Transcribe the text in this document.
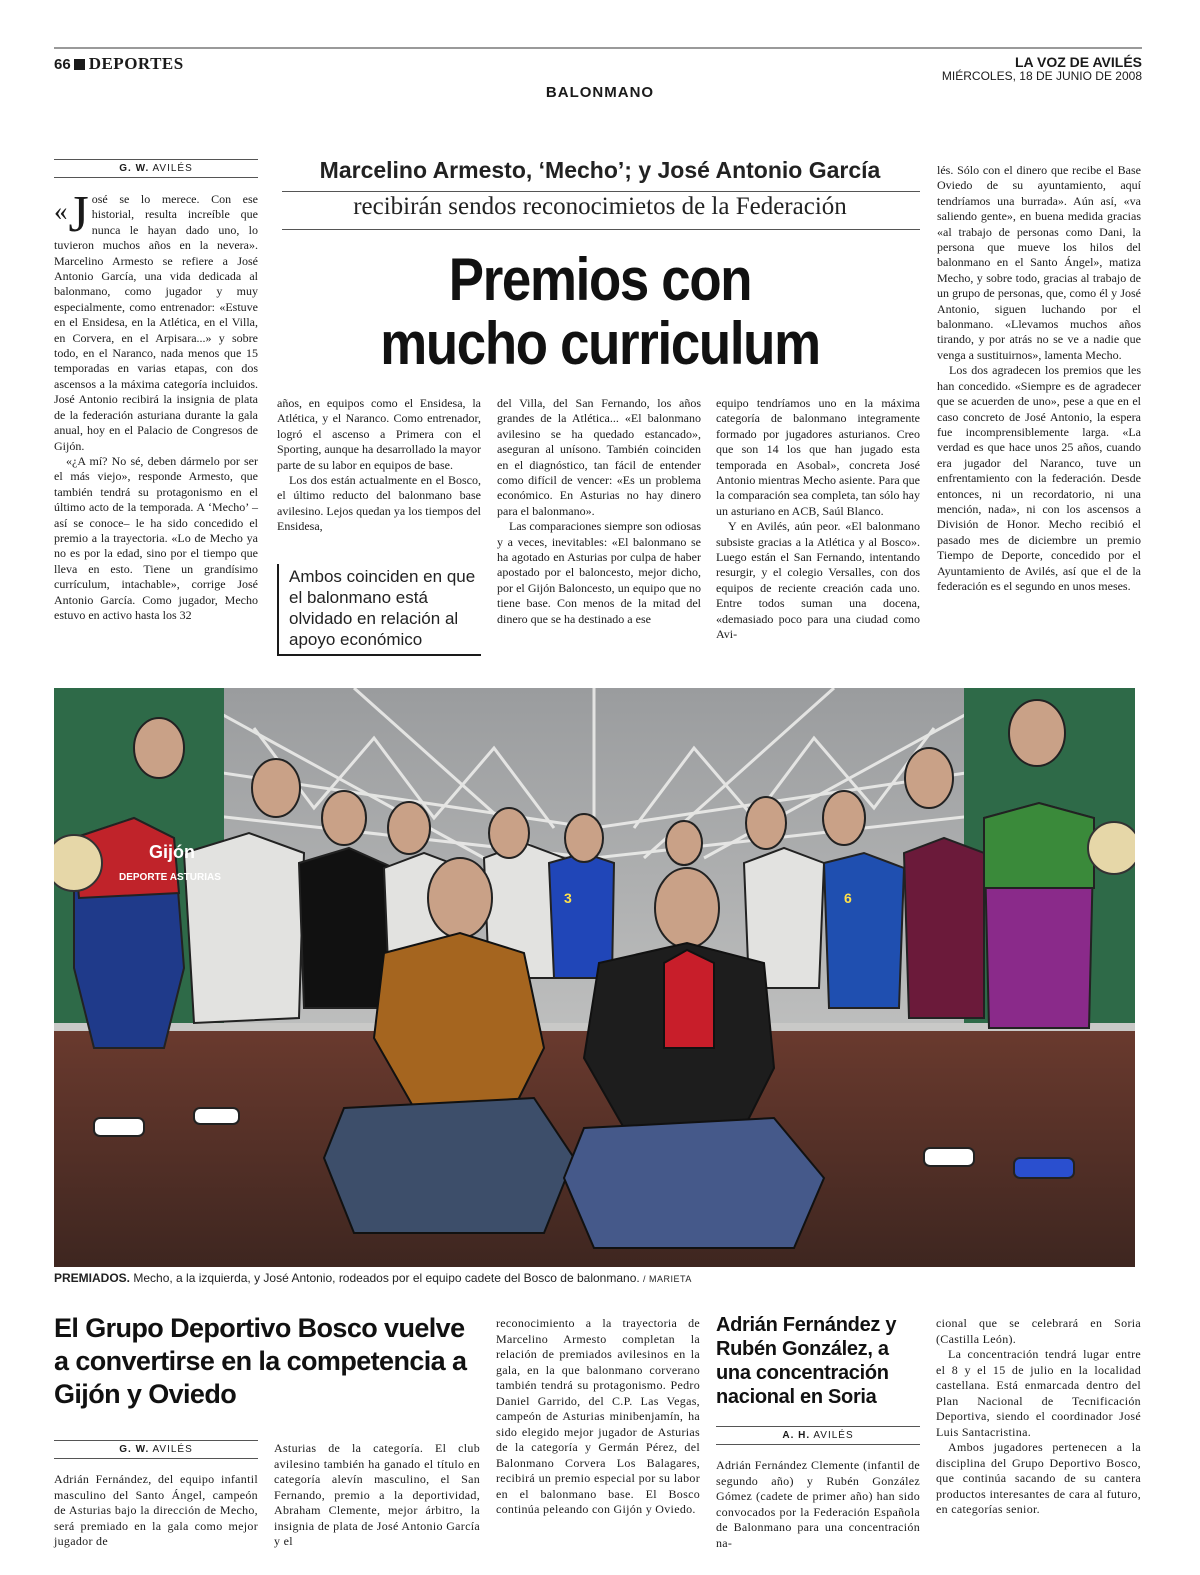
66 DEPORTES	LA VOZ DE AVILÉS
MIÉRCOLES, 18 DE JUNIO DE 2008
BALONMANO
G. W. AVILÉS

« J osé se lo merece. Con ese historial, resulta increíble que nunca le hayan dado uno, lo tuvieron muchos años en la nevera». Marcelino Armesto se refiere a José Antonio García, una vida dedicada al balonmano, como jugador y muy especialmente, como entrenador: «Estuve en el Ensidesa, en la Atlética, en el Villa, en Corvera, en el Arpisara...» y sobre todo, en el Naranco, nada menos que 15 temporadas en varias etapas, con dos ascensos a la máxima categoría incluidos. José Antonio recibirá la insignia de plata de la federación asturiana durante la gala anual, hoy en el Palacio de Congresos de Gijón.

«¿A mí? No sé, deben dármelo por ser el más viejo», responde Armesto, que también tendrá su protagonismo en el último acto de la temporada. A ‘Mecho’ –así se conoce– le ha sido concedido el premio a la trayectoria. «Lo de Mecho ya no es por la edad, sino por el tiempo que lleva en esto. Tiene un grandísimo currículum, intachable», corrige José Antonio García. Como jugador, Mecho estuvo en activo hasta los 32

Marcelino Armesto, ‘Mecho’; y José Antonio García
recibirán sendos reconocimietos de la Federación
Premios con
mucho curriculum

años, en equipos como el Ensidesa, la Atlética, y el Naranco. Como entrenador, logró el ascenso a Primera con el Sporting, aunque ha desarrollado la mayor parte de su labor en equipos de base.

Los dos están actualmente en el Bosco, el último reducto del balonmano base avilesino. Lejos quedan ya los tiempos del Ensidesa,

Ambos coinciden en que el balonmano está olvidado en relación al apoyo económico

del Villa, del San Fernando, los años grandes de la Atlética... «El balonmano avilesino se ha quedado estancado», aseguran al unísono. También coinciden en el diagnóstico, tan fácil de entender como difícil de vencer: «Es un problema económico. En Asturias no hay dinero para el balonmano».

Las comparaciones siempre son odiosas y a veces, inevitables: «El balonmano se ha agotado en Asturias por culpa de haber apostado por el baloncesto, mejor dicho, por el Gijón Baloncesto, un equipo que no tiene base. Con menos de la mitad del dinero que se ha destinado a ese

equipo tendríamos uno en la máxima categoría de balonmano integramente formado por jugadores asturianos. Creo que son 14 los que han jugado esta temporada en Asobal», concreta José Antonio mientras Mecho asiente. Para que la comparación sea completa, tan sólo hay un asturiano en ACB, Saúl Blanco.

Y en Avilés, aún peor. «El balonmano subsiste gracias a la Atlética y al Bosco». Luego están el San Fernando, intentando resurgir, y el colegio Versalles, con dos equipos de reciente creación cada uno. Entre todos suman una docena, «demasiado poco para una ciudad como Avi-

lés. Sólo con el dinero que recibe el Base Oviedo de su ayuntamiento, aquí tendríamos una burrada». Aún así, «va saliendo gente», en buena medida gracias «al trabajo de personas como Dani, la persona que mueve los hilos del balonmano en el Santo Ángel», matiza Mecho, y sobre todo, gracias al trabajo de un grupo de personas, que, como él y José Antonio, siguen luchando por el balonmano. «Llevamos muchos años tirando, y por atrás no se ve a nadie que venga a sustituirnos», lamenta Mecho.

Los dos agradecen los premios que les han concedido. «Siempre es de agradecer que se acuerden de uno», pese a que en el caso concreto de José Antonio, la espera fue incomprensiblemente larga. «La verdad es que hace unos 25 años, cuando era jugador del Naranco, tuve un enfrentamiento con la federación. Desde entonces, ni un recordatorio, ni una mención, nada», ni con los ascensos a División de Honor. Mecho recibió el pasado mes de diciembre un premio Tiempo de Deporte, concedido por el Ayuntamiento de Avilés, así que el de la federación es el segundo en unos meses.

Gijón
DEPORTE ASTURIAS
3	6
PREMIADOS. Mecho, a la izquierda, y José Antonio, rodeados por el equipo cadete del Bosco de balonmano. / MARIETA
El Grupo Deportivo Bosco vuelve a convertirse en la competencia a Gijón y Oviedo
G. W. AVILÉS

Adrián Fernández, del equipo infantil masculino del Santo Ángel, campeón de Asturias bajo la dirección de Mecho, será premiado en la gala como mejor jugador de

Asturias de la categoría. El club avilesino también ha ganado el título en categoría alevín masculino, el San Fernando, premio a la deportividad, Abraham Clemente, mejor árbitro, la insignia de plata de José Antonio García y el

reconocimiento a la trayectoria de Marcelino Armesto completan la relación de premiados avilesinos en la gala, en la que balonmano corverano también tendrá su protagonismo. Pedro Daniel Garrido, del C.P. Las Vegas, campeón de Asturias minibenjamín, ha sido elegido mejor jugador de Asturias de la categoría y Germán Pérez, del Balonmano Corvera Los Balagares, recibirá un premio especial por su labor en el balonmano base. El Bosco continúa peleando con Gijón y Oviedo.

Adrián Fernández y Rubén González, a una concentración nacional en Soria
A. H. AVILÉS

Adrián Fernández Clemente (infantil de segundo año) y Rubén González Gómez (cadete de primer año) han sido convocados por la Federación Española de Balonmano para una concentración na-

cional que se celebrará en Soria (Castilla León).

La concentración tendrá lugar entre el 8 y el 15 de julio en la localidad castellana. Está enmarcada dentro del Plan Nacional de Tecnificación Deportiva, siendo el coordinador José Luis Santacristina.

Ambos jugadores pertenecen a la disciplina del Grupo Deportivo Bosco, que continúa sacando de su cantera productos interesantes de cara al futuro, en categorías senior.
